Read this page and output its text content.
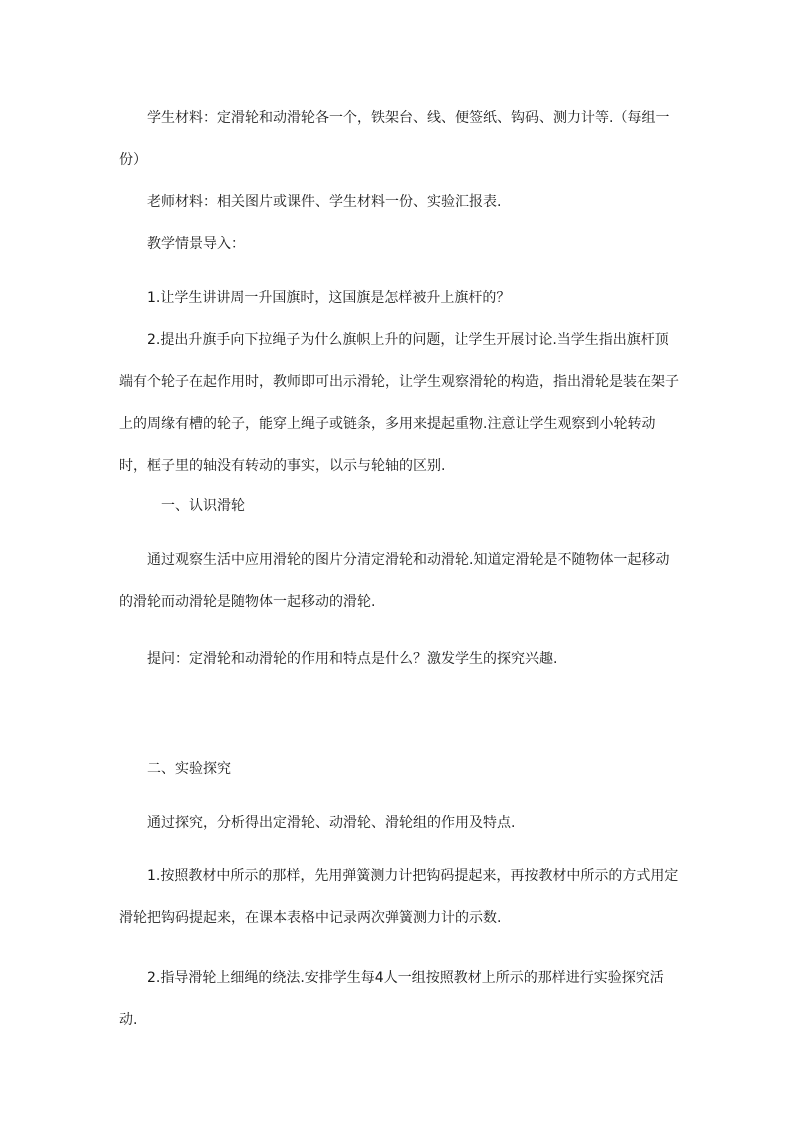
学生材料：定滑轮和动滑轮各一个，铁架台、线、便签纸、钩码、测力计等.（每组一份）

老师材料：相关图片或课件、学生材料一份、实验汇报表.

教学情景导入：

1.让学生讲讲周一升国旗时，这国旗是怎样被升上旗杆的？

2.提出升旗手向下拉绳子为什么旗帜上升的问题，让学生开展讨论.当学生指出旗杆顶端有个轮子在起作用时，教师即可出示滑轮，让学生观察滑轮的构造，指出滑轮是装在架子上的周缘有槽的轮子，能穿上绳子或链条，多用来提起重物.注意让学生观察到小轮转动时，框子里的轴没有转动的事实，以示与轮轴的区别.

一、认识滑轮

通过观察生活中应用滑轮的图片分清定滑轮和动滑轮.知道定滑轮是不随物体一起移动的滑轮而动滑轮是随物体一起移动的滑轮.

提问：定滑轮和动滑轮的作用和特点是什么？激发学生的探究兴趣.

二、实验探究

通过探究，分析得出定滑轮、动滑轮、滑轮组的作用及特点.

1.按照教材中所示的那样，先用弹簧测力计把钩码提起来，再按教材中所示的方式用定滑轮把钩码提起来，在课本表格中记录两次弹簧测力计的示数.

2.指导滑轮上细绳的绕法.安排学生每4人一组按照教材上所示的那样进行实验探究活动.
